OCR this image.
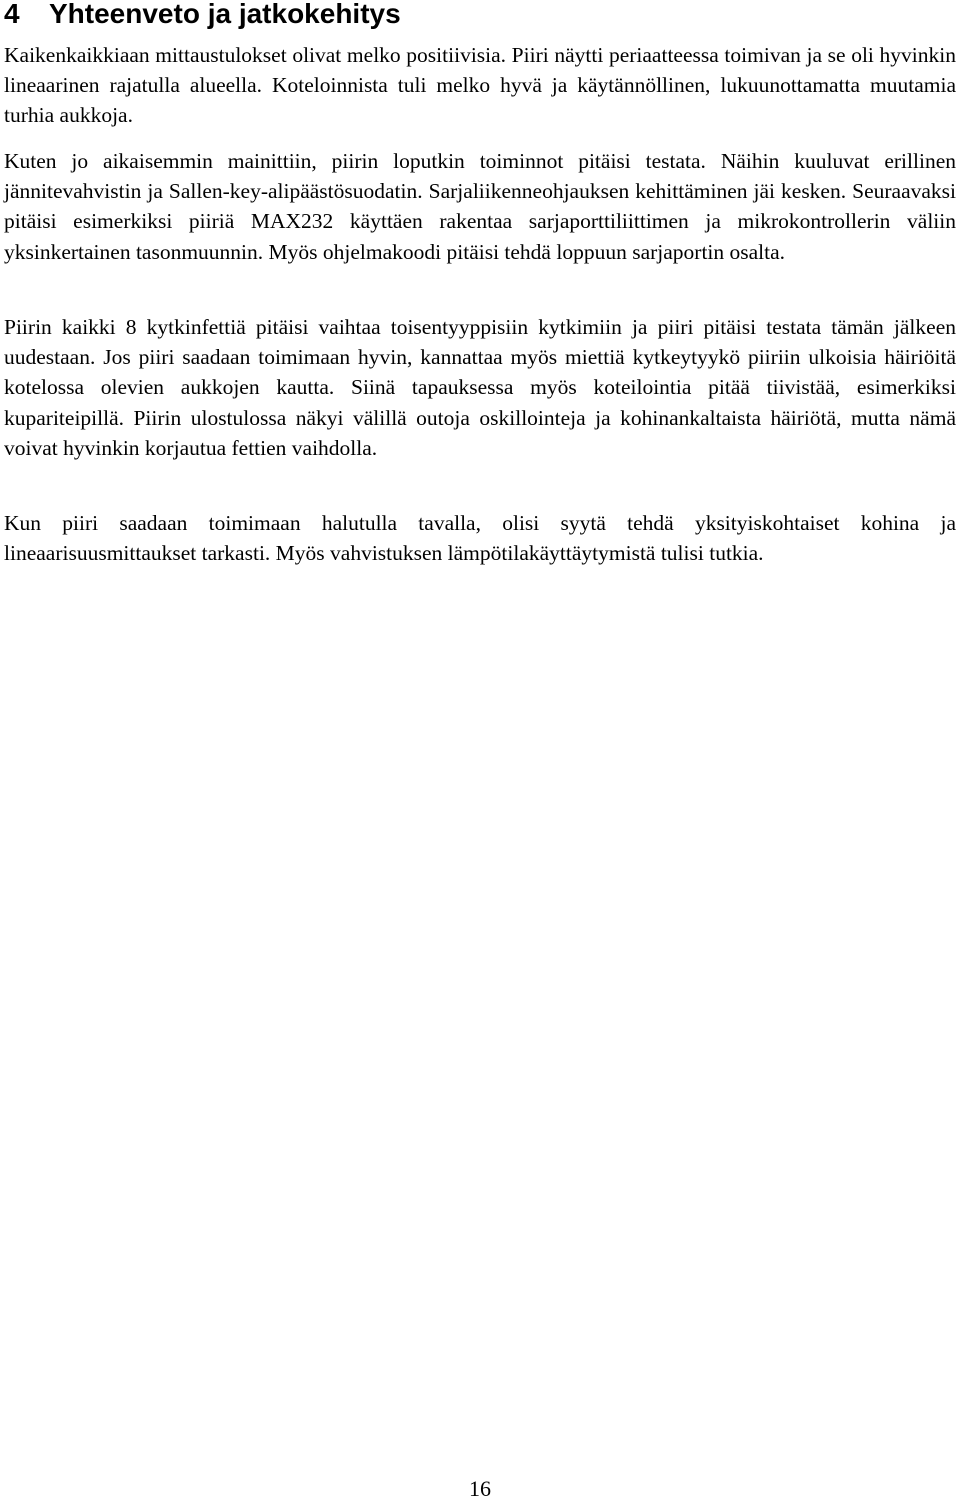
4	Yhteenveto ja jatkokehitys

Kaikenkaikkiaan mittaustulokset olivat melko positiivisia. Piiri näytti periaatteessa toimivan ja se oli hyvinkin lineaarinen rajatulla alueella. Koteloinnista tuli melko hyvä ja käytännöllinen, lukuunottamatta muutamia turhia aukkoja.

Kuten jo aikaisemmin mainittiin, piirin loputkin toiminnot pitäisi testata. Näihin kuuluvat erillinen jännitevahvistin ja Sallen-key-alipäästösuodatin. Sarjaliikenneohjauksen kehittäminen jäi kesken. Seuraavaksi pitäisi esimerkiksi piiriä MAX232 käyttäen rakentaa sarjaporttiliittimen ja mikrokontrollerin väliin yksinkertainen tasonmuunnin. Myös ohjelmakoodi pitäisi tehdä loppuun sarjaportin osalta.

Piirin kaikki 8 kytkinfettiä pitäisi vaihtaa toisentyyppisiin kytkimiin ja piiri pitäisi testata tämän jälkeen uudestaan. Jos piiri saadaan toimimaan hyvin, kannattaa myös miettiä kytkeytyykö piiriin ulkoisia häiriöitä kotelossa olevien aukkojen kautta. Siinä tapauksessa myös koteilointia pitää tiivistää, esimerkiksi kupariteipillä. Piirin ulostulossa näkyi välillä outoja oskillointeja ja kohinankaltaista häiriötä, mutta nämä voivat hyvinkin korjautua fettien vaihdolla.

Kun piiri saadaan toimimaan halutulla tavalla, olisi syytä tehdä yksityiskohtaiset kohina ja lineaarisuusmittaukset tarkasti. Myös vahvistuksen lämpötilakäyttäytymistä tulisi tutkia.

16
